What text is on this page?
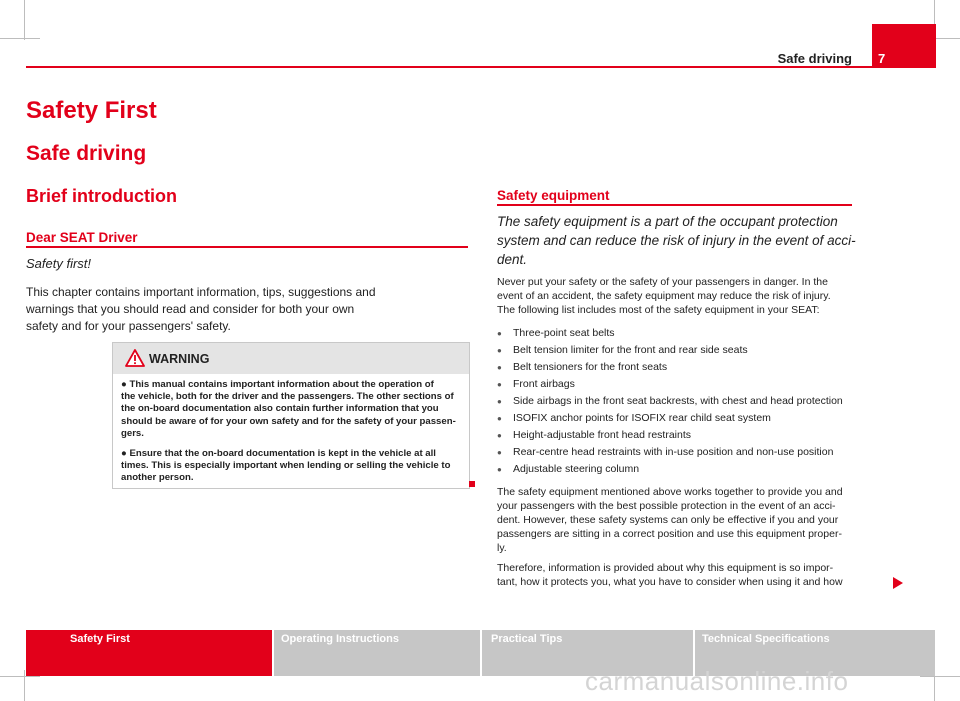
7
Safe driving
Safety First
Safe driving
Brief introduction
Dear SEAT Driver
Safety first!
This chapter contains important information, tips, suggestions and
warnings that you should read and consider for both your own
safety and for your passengers' safety.
WARNING
● This manual contains important information about the operation of
the vehicle, both for the driver and the passengers. The other sections of
the on-board documentation also contain further information that you
should be aware of for your own safety and for the safety of your passen-
gers.
● Ensure that the on-board documentation is kept in the vehicle at all
times. This is especially important when lending or selling the vehicle to
another person.
Safety equipment
The safety equipment is a part of the occupant protection
system and can reduce the risk of injury in the event of acci-
dent.
Never put your safety or the safety of your passengers in danger. In the
event of an accident, the safety equipment may reduce the risk of injury.
The following list includes most of the safety equipment in your SEAT:
● Three-point seat belts
● Belt tension limiter for the front and rear side seats
● Belt tensioners for the front seats
● Front airbags
● Side airbags in the front seat backrests, with chest and head protection
● ISOFIX anchor points for ISOFIX rear child seat system
● Height-adjustable front head restraints
● Rear-centre head restraints with in-use position and non-use position
● Adjustable steering column
The safety equipment mentioned above works together to provide you and
your passengers with the best possible protection in the event of an acci-
dent. However, these safety systems can only be effective if you and your
passengers are sitting in a correct position and use this equipment proper-
ly.
Therefore, information is provided about why this equipment is so impor-
tant, how it protects you, what you have to consider when using it and how
Safety First	Operating Instructions	Practical Tips	Technical Specifications
carmanualsonline.info
